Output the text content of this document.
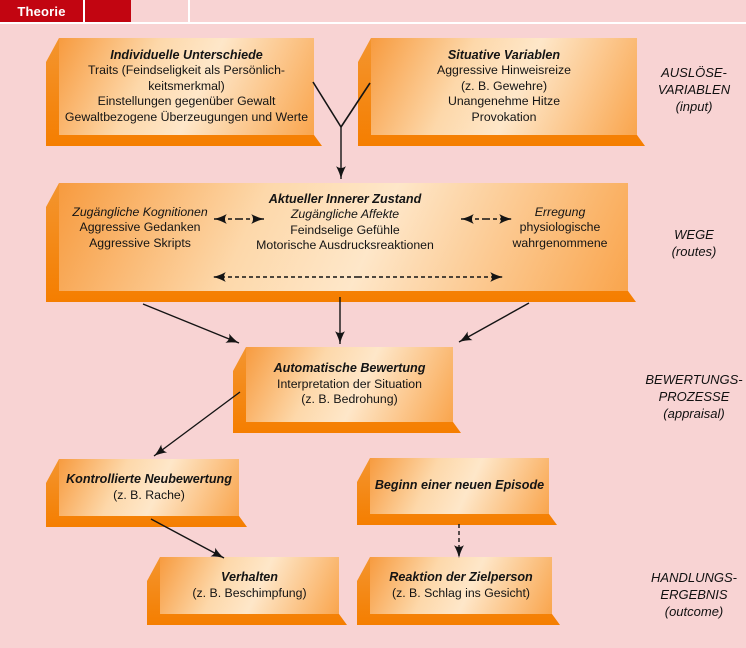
Theorie
Individuelle Unterschiede
Traits (Feindseligkeit als Persönlich-
keitsmerkmal)
Einstellungen gegenüber Gewalt
Gewaltbezogene Überzeugungen und Werte
Situative Variablen
Aggressive Hinweisreize
(z. B. Gewehre)
Unangenehme Hitze
Provokation
Zugängliche Kognitionen
Aggressive Gedanken
Aggressive Skripts
Aktueller Innerer Zustand
Zugängliche Affekte
Feindselige Gefühle
Motorische Ausdrucksreaktionen
Erregung
physiologische
wahrgenommene
Automatische Bewertung
Interpretation der Situation
(z. B. Bedrohung)
Kontrollierte Neubewertung
(z. B. Rache)
Beginn einer neuen Episode
Verhalten
(z. B. Beschimpfung)
Reaktion der Zielperson
(z. B. Schlag ins Gesicht)
AUSLÖSE-
VARIABLEN
(input)
WEGE
(routes)
BEWERTUNGS-
PROZESSE
(appraisal)
HANDLUNGS-
ERGEBNIS
(outcome)
